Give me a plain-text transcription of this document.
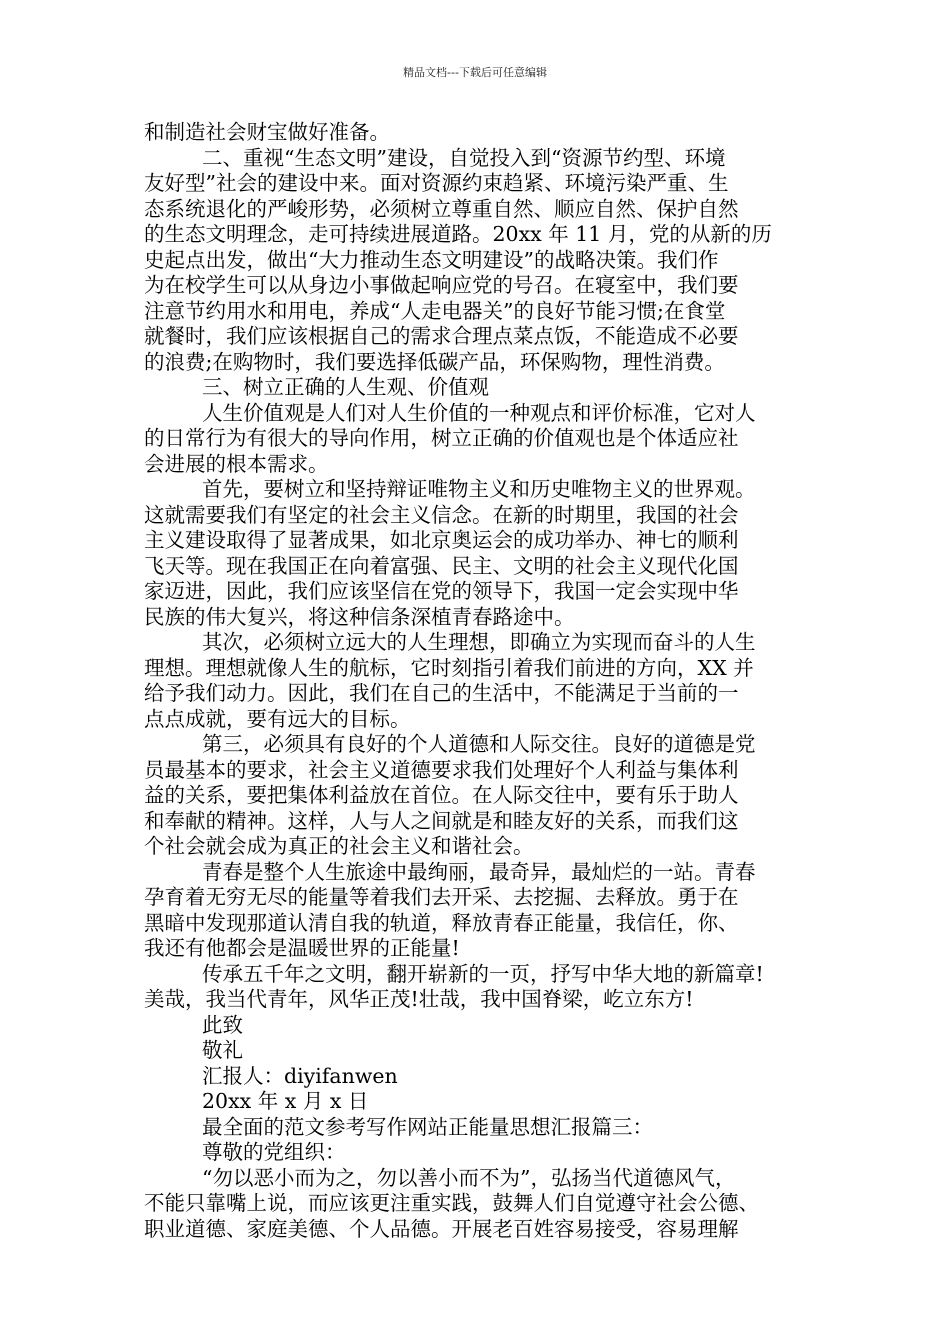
精品文档---下载后可任意编辑
和制造社会财宝做好准备。
二、重视“生态文明”建设，自觉投入到“资源节约型、环境
友好型”社会的建设中来。面对资源约束趋紧、环境污染严重、生
态系统退化的严峻形势，必须树立尊重自然、顺应自然、保护自然
的生态文明理念，走可持续进展道路。20xx 年 11 月，党的从新的历
史起点出发，做出“大力推动生态文明建设”的战略决策。我们作
为在校学生可以从身边小事做起响应党的号召。在寝室中，我们要
注意节约用水和用电，养成“人走电器关”的良好节能习惯;在食堂
就餐时，我们应该根据自己的需求合理点菜点饭，不能造成不必要
的浪费;在购物时，我们要选择低碳产品，环保购物，理性消费。
三、树立正确的人生观、价值观
人生价值观是人们对人生价值的一种观点和评价标准，它对人
的日常行为有很大的导向作用，树立正确的价值观也是个体适应社
会进展的根本需求。
首先，要树立和坚持辩证唯物主义和历史唯物主义的世界观。
这就需要我们有坚定的社会主义信念。在新的时期里，我国的社会
主义建设取得了显著成果，如北京奥运会的成功举办、神七的顺利
飞天等。现在我国正在向着富强、民主、文明的社会主义现代化国
家迈进，因此，我们应该坚信在党的领导下，我国一定会实现中华
民族的伟大复兴，将这种信条深植青春路途中。
其次，必须树立远大的人生理想，即确立为实现而奋斗的人生
理想。理想就像人生的航标，它时刻指引着我们前进的方向，XX 并
给予我们动力。因此，我们在自己的生活中，不能满足于当前的一
点点成就，要有远大的目标。
第三，必须具有良好的个人道德和人际交往。良好的道德是党
员最基本的要求，社会主义道德要求我们处理好个人利益与集体利
益的关系，要把集体利益放在首位。在人际交往中，要有乐于助人
和奉献的精神。这样，人与人之间就是和睦友好的关系，而我们这
个社会就会成为真正的社会主义和谐社会。
青春是整个人生旅途中最绚丽，最奇异，最灿烂的一站。青春
孕育着无穷无尽的能量等着我们去开采、去挖掘、去释放。勇于在
黑暗中发现那道认清自我的轨道，释放青春正能量，我信任，你、
我还有他都会是温暖世界的正能量!
传承五千年之文明，翻开崭新的一页，抒写中华大地的新篇章!
美哉，我当代青年，风华正茂!壮哉，我中国脊梁，屹立东方!
此致
敬礼
汇报人：diyifanwen
20xx 年 x 月 x 日
最全面的范文参考写作网站正能量思想汇报篇三：
尊敬的党组织：
“勿以恶小而为之，勿以善小而不为”，弘扬当代道德风气，
不能只靠嘴上说，而应该更注重实践，鼓舞人们自觉遵守社会公德、
职业道德、家庭美德、个人品德。开展老百姓容易接受，容易理解
